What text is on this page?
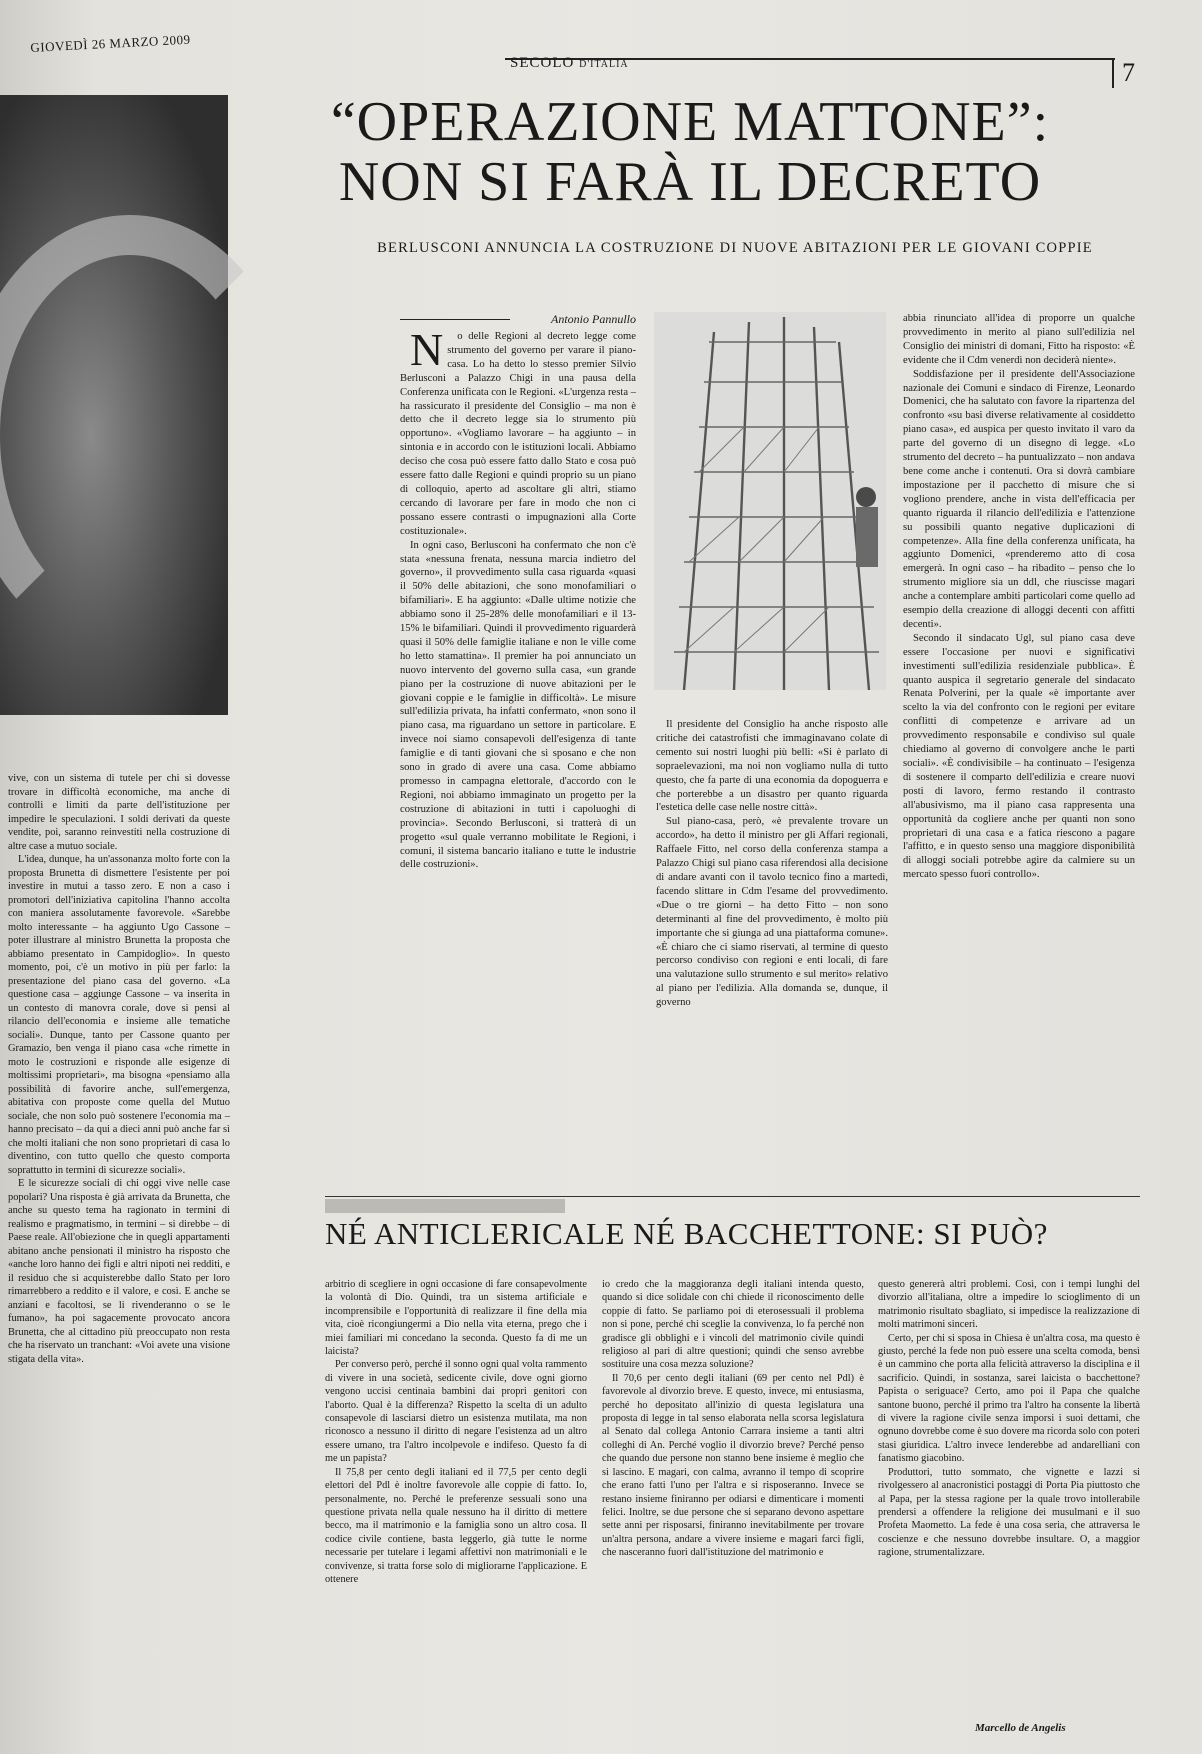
GIOVEDÌ 26 MARZO 2009
SECOLO D'ITALIA	7
“OPERAZIONE MATTONE”:
NON SI FARÀ IL DECRETO
BERLUSCONI ANNUNCIA LA COSTRUZIONE DI NUOVE ABITAZIONI PER LE GIOVANI COPPIE
Antonio Pannullo

No delle Regioni al decreto legge come strumento del governo per varare il piano-casa. Lo ha detto lo stesso premier Silvio Berlusconi a Palazzo Chigi in una pausa della Conferenza unificata con le Regioni. «L'urgenza resta – ha rassicurato il presidente del Consiglio – ma non è detto che il decreto legge sia lo strumento più opportuno». «Vogliamo lavorare – ha aggiunto – in sintonia e in accordo con le istituzioni locali. Abbiamo deciso che cosa può essere fatto dallo Stato e cosa può essere fatto dalle Regioni e quindi proprio su un piano di colloquio, aperto ad ascoltare gli altri, stiamo cercando di lavorare per fare in modo che non ci possano essere contrasti o impugnazioni alla Corte costituzionale».

In ogni caso, Berlusconi ha confermato che non c'è stata «nessuna frenata, nessuna marcia indietro del governo», il provvedimento sulla casa riguarda «quasi il 50% delle abitazioni, che sono monofamiliari o bifamiliari». E ha aggiunto: «Dalle ultime notizie che abbiamo sono il 25-28% delle monofamiliari e il 13-15% le bifamiliari. Quindi il provvedimento riguarderà quasi il 50% delle famiglie italiane e non le ville come ho letto stamattina». Il premier ha poi annunciato un nuovo intervento del governo sulla casa, «un grande piano per la costruzione di nuove abitazioni per le giovani coppie e le famiglie in difficoltà». Le misure sull'edilizia privata, ha infatti confermato, «non sono il piano casa, ma riguardano un settore in particolare. E invece noi siamo consapevoli dell'esigenza di tante famiglie e di tanti giovani che si sposano e che non sono in grado di avere una casa. Come abbiamo promesso in campagna elettorale, d'accordo con le Regioni, noi abbiamo immaginato un progetto per la costruzione di abitazioni in tutti i capoluoghi di provincia». Secondo Berlusconi, si tratterà di un progetto «sul quale verranno mobilitate le Regioni, i comuni, il sistema bancario italiano e tutte le industrie delle costruzioni».

Il presidente del Consiglio ha anche risposto alle critiche dei catastrofisti che immaginavano colate di cemento sui nostri luoghi più belli: «Si è parlato di sopraelevazioni, ma noi non vogliamo nulla di tutto questo, che fa parte di una economia da dopoguerra e che porterebbe a un disastro per quanto riguarda l'estetica delle case nelle nostre città».

Sul piano-casa, però, «è prevalente trovare un accordo», ha detto il ministro per gli Affari regionali, Raffaele Fitto, nel corso della conferenza stampa a Palazzo Chigi sul piano casa riferendosi alla decisione di andare avanti con il tavolo tecnico fino a martedì, facendo slittare in Cdm l'esame del provvedimento. «Due o tre giorni – ha detto Fitto – non sono determinanti al fine del provvedimento, è molto più importante che si giunga ad una piattaforma comune». «È chiaro che ci siamo riservati, al termine di questo percorso condiviso con regioni e enti locali, di fare una valutazione sullo strumento e sul merito» relativo al piano per l'edilizia. Alla domanda se, dunque, il governo

abbia rinunciato all'idea di proporre un qualche provvedimento in merito al piano sull'edilizia nel Consiglio dei ministri di domani, Fitto ha risposto: «È evidente che il Cdm venerdì non deciderà niente».

Soddisfazione per il presidente dell'Associazione nazionale dei Comuni e sindaco di Firenze, Leonardo Domenici, che ha salutato con favore la ripartenza del confronto «su basi diverse relativamente al cosiddetto piano casa», ed auspica per questo invitato il varo da parte del governo di un disegno di legge. «Lo strumento del decreto – ha puntualizzato – non andava bene come anche i contenuti. Ora si dovrà cambiare impostazione per il pacchetto di misure che si vogliono prendere, anche in vista dell'efficacia per quanto riguarda il rilancio dell'edilizia e l'attenzione su possibili quanto negative duplicazioni di competenze». Alla fine della conferenza unificata, ha aggiunto Domenici, «prenderemo atto di cosa emergerà. In ogni caso – ha ribadito – penso che lo strumento migliore sia un ddl, che riuscisse magari anche a contemplare ambiti particolari come quello ad esempio della creazione di alloggi decenti con affitti decenti».

Secondo il sindacato Ugl, sul piano casa deve essere l'occasione per nuovi e significativi investimenti sull'edilizia residenziale pubblica». È quanto auspica il segretario generale del sindacato Renata Polverini, per la quale «è importante aver scelto la via del confronto con le regioni per evitare conflitti di competenze e arrivare ad un provvedimento responsabile e condiviso sul quale chiediamo al governo di convolgere anche le parti sociali». «È condivisibile – ha continuato – l'esigenza di sostenere il comparto dell'edilizia e creare nuovi posti di lavoro, fermo restando il contrasto all'abusivismo, ma il piano casa rappresenta una opportunità da cogliere anche per quanti non sono proprietari di una casa e a fatica riescono a pagare l'affitto, e in questo senso una maggiore disponibilità di alloggi sociali potrebbe agire da calmiere su un mercato spesso fuori controllo».

vive, con un sistema di tutele per chi si dovesse trovare in difficoltà economiche, ma anche di controlli e limiti da parte dell'istituzione per impedire le speculazioni. I soldi derivati da queste vendite, poi, saranno reinvestiti nella costruzione di altre case a mutuo sociale.

L'idea, dunque, ha un'assonanza molto forte con la proposta Brunetta di dismettere l'esistente per poi investire in mutui a tasso zero. E non a caso i promotori dell'iniziativa capitolina l'hanno accolta con maniera assolutamente favorevole. «Sarebbe molto interessante – ha aggiunto Ugo Cassone – poter illustrare al ministro Brunetta la proposta che abbiamo presentato in Campidoglio». In questo momento, poi, c'è un motivo in più per farlo: la presentazione del piano casa del governo. «La questione casa – aggiunge Cassone – va inserita in un contesto di manovra corale, dove si pensi al rilancio dell'economia e insieme alle tematiche sociali». Dunque, tanto per Cassone quanto per Gramazio, ben venga il piano casa «che rimette in moto le costruzioni e risponde alle esigenze di moltissimi proprietari», ma bisogna «pensiamo alla possibilità di favorire anche, sull'emergenza, abitativa con proposte come quella del Mutuo sociale, che non solo può sostenere l'economia ma – hanno precisato – da qui a dieci anni può anche far sì che molti italiani che non sono proprietari di casa lo diventino, con tutto quello che questo comporta soprattutto in termini di sicurezze sociali».

E le sicurezze sociali di chi oggi vive nelle case popolari? Una risposta è già arrivata da Brunetta, che anche su questo tema ha ragionato in termini di realismo e pragmatismo, in termini – si direbbe – di Paese reale. All'obiezione che in quegli appartamenti abitano anche pensionati il ministro ha risposto che «anche loro hanno dei figli e altri nipoti nei redditi, e il residuo che si acquisterebbe dallo Stato per loro rimarrebbero a reddito e il valore, e così. E anche se anziani e facoltosi, se li rivenderanno o se le fumano», ha poi sagacemente provocato ancora Brunetta, che al cittadino più preoccupato non resta che ha riservato un tranchant: «Voi avete una visione stigata della vita».

NÉ ANTICLERICALE NÉ BACCHETTONE: SI PUÒ?

arbitrio di scegliere in ogni occasione di fare consapevolmente la volontà di Dio. Quindi, tra un sistema artificiale e incomprensibile e l'opportunità di realizzare il fine della mia vita, cioè ricongiungermi a Dio nella vita eterna, prego che i miei familiari mi concedano la seconda. Questo fa di me un laicista?

Per converso però, perché il sonno ogni qual volta rammento di vivere in una società, sedicente civile, dove ogni giorno vengono uccisi centinaia bambini dai propri genitori con l'aborto. Qual è la differenza? Rispetto la scelta di un adulto consapevole di lasciarsi dietro un esistenza mutilata, ma non riconosco a nessuno il diritto di negare l'esistenza ad un altro essere umano, tra l'altro incolpevole e indifeso. Questo fa di me un papista?

Il 75,8 per cento degli italiani ed il 77,5 per cento degli elettori del Pdl è inoltre favorevole alle coppie di fatto. Io, personalmente, no. Perché le preferenze sessuali sono una questione privata nella quale nessuno ha il diritto di mettere becco, ma il matrimonio e la famiglia sono un altro cosa. Il codice civile contiene, basta leggerlo, già tutte le norme necessarie per tutelare i legami affettivi non matrimoniali e le convivenze, si tratta forse solo di migliorarne l'applicazione. E ottenere

io credo che la maggioranza degli italiani intenda questo, quando si dice solidale con chi chiede il riconoscimento delle coppie di fatto. Se parliamo poi di eterosessuali il problema non si pone, perché chi sceglie la convivenza, lo fa perché non gradisce gli obblighi e i vincoli del matrimonio civile quindi religioso al pari di altre questioni; quindi che senso avrebbe sostituire una cosa mezza soluzione?

Il 70,6 per cento degli italiani (69 per cento nel Pdl) è favorevole al divorzio breve. E questo, invece, mi entusiasma, perché ho depositato all'inizio di questa legislatura una proposta di legge in tal senso elaborata nella scorsa legislatura al Senato dal collega Antonio Carrara insieme a tanti altri colleghi di An. Perché voglio il divorzio breve? Perché penso che quando due persone non stanno bene insieme è meglio che si lascino. E magari, con calma, avranno il tempo di scoprire che erano fatti l'uno per l'altra e si risposeranno. Invece se restano insieme finiranno per odiarsi e dimenticare i momenti felici. Inoltre, se due persone che si separano devono aspettare sette anni per risposarsi, finiranno inevitabilmente per trovare un'altra persona, andare a vivere insieme e magari farci figli, che nasceranno fuori dall'istituzione del matrimonio e

questo genererà altri problemi. Così, con i tempi lunghi del divorzio all'italiana, oltre a impedire lo scioglimento di un matrimonio risultato sbagliato, si impedisce la realizzazione di molti matrimoni sinceri.

Certo, per chi si sposa in Chiesa è un'altra cosa, ma questo è giusto, perché la fede non può essere una scelta comoda, bensì è un cammino che porta alla felicità attraverso la disciplina e il sacrificio. Quindi, in sostanza, sarei laicista o bacchettone? Papista o seriguace? Certo, amo poi il Papa che qualche santone buono, perché il primo tra l'altro ha consente la libertà di vivere la ragione civile senza imporsi i suoi dettami, che ognuno dovrebbe come è suo dovere ma ricorda solo con poteri stasi giuridica. L'altro invece lenderebbe ad andarelliani con fanatismo giacobino.

Produttori, tutto sommato, che vignette e lazzi si rivolgessero al anacronistici postaggi di Porta Pia piuttosto che al Papa, per la stessa ragione per la quale trovo intollerabile prendersi a offendere la religione dei musulmani e il suo Profeta Maometto. La fede è una cosa seria, che attraversa le coscienze e che nessuno dovrebbe insultare. O, a maggior ragione, strumentalizzare.

Marcello de Angelis
